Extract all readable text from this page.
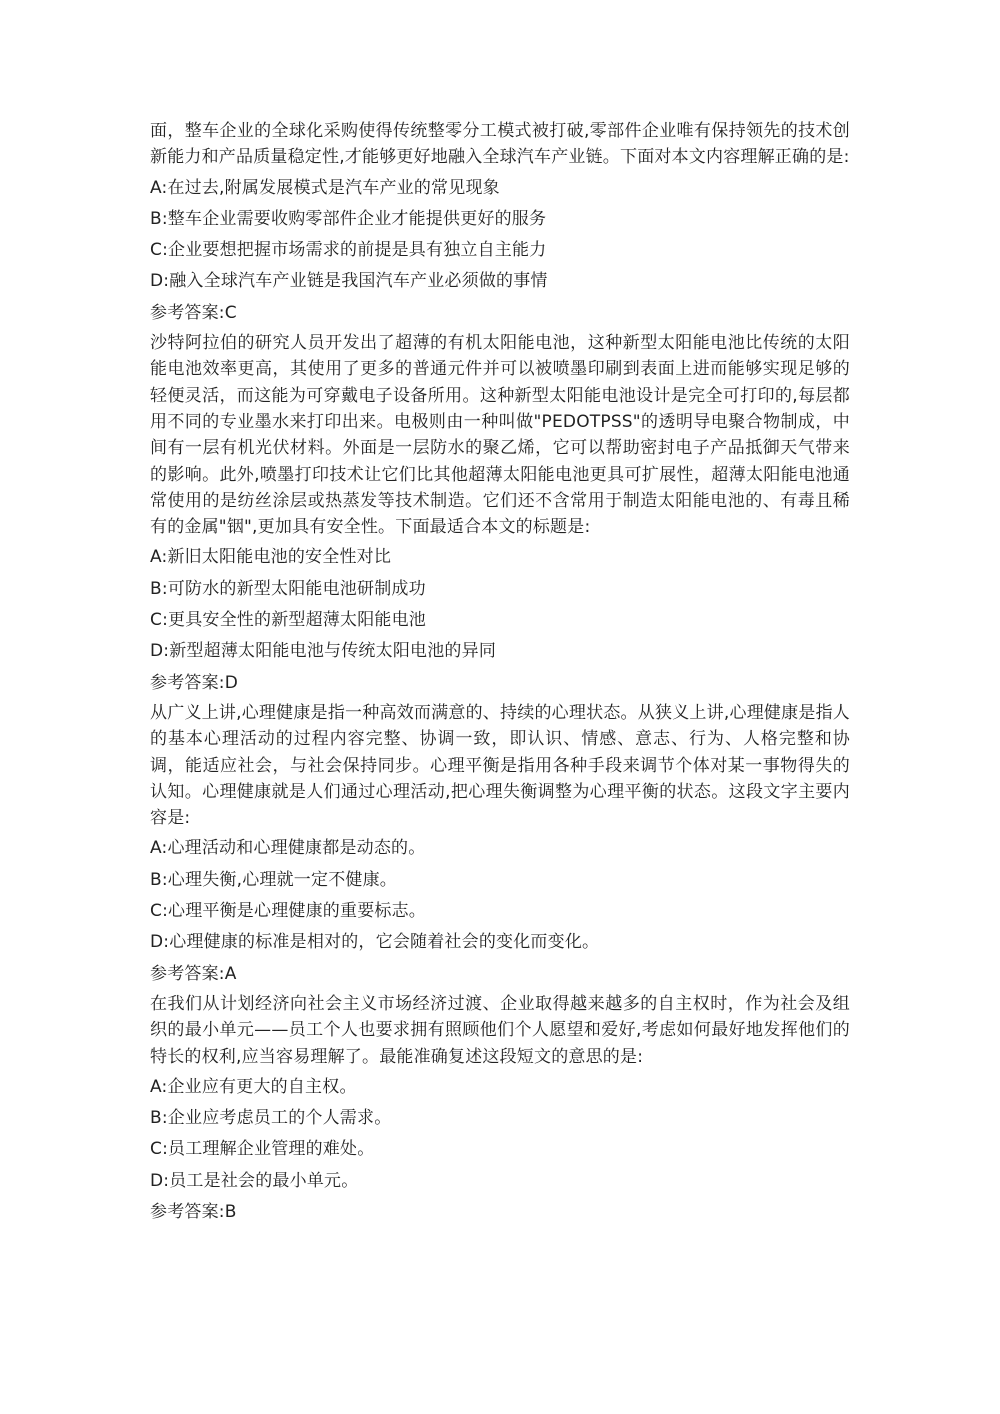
面，整车企业的全球化采购使得传统整零分工模式被打破,零部件企业唯有保持领先的技术创新能力和产品质量稳定性,才能够更好地融入全球汽车产业链。下面对本文内容理解正确的是:

A:在过去,附属发展模式是汽车产业的常见现象

B:整车企业需要收购零部件企业才能提供更好的服务

C:企业要想把握市场需求的前提是具有独立自主能力

D:融入全球汽车产业链是我国汽车产业必须做的事情

参考答案:C

沙特阿拉伯的研究人员开发出了超薄的有机太阳能电池，这种新型太阳能电池比传统的太阳能电池效率更高，其使用了更多的普通元件并可以被喷墨印刷到表面上进而能够实现足够的轻便灵活，而这能为可穿戴电子设备所用。这种新型太阳能电池设计是完全可打印的,每层都用不同的专业墨水来打印出来。电极则由一种叫做"PEDOTPSS"的透明导电聚合物制成，中间有一层有机光伏材料。外面是一层防水的聚乙烯，它可以帮助密封电子产品抵御天气带来的影响。此外,喷墨打印技术让它们比其他超薄太阳能电池更具可扩展性，超薄太阳能电池通常使用的是纺丝涂层或热蒸发等技术制造。它们还不含常用于制造太阳能电池的、有毒且稀有的金属"铟",更加具有安全性。下面最适合本文的标题是:

A:新旧太阳能电池的安全性对比

B:可防水的新型太阳能电池研制成功

C:更具安全性的新型超薄太阳能电池

D:新型超薄太阳能电池与传统太阳电池的异同

参考答案:D

从广义上讲,心理健康是指一种高效而满意的、持续的心理状态。从狭义上讲,心理健康是指人的基本心理活动的过程内容完整、协调一致，即认识、情感、意志、行为、人格完整和协调，能适应社会，与社会保持同步。心理平衡是指用各种手段来调节个体对某一事物得失的认知。心理健康就是人们通过心理活动,把心理失衡调整为心理平衡的状态。这段文字主要内容是:

A:心理活动和心理健康都是动态的。

B:心理失衡,心理就一定不健康。

C:心理平衡是心理健康的重要标志。

D:心理健康的标准是相对的，它会随着社会的变化而变化。

参考答案:A

在我们从计划经济向社会主义市场经济过渡、企业取得越来越多的自主权时，作为社会及组织的最小单元——员工个人也要求拥有照顾他们个人愿望和爱好,考虑如何最好地发挥他们的特长的权利,应当容易理解了。最能准确复述这段短文的意思的是:

A:企业应有更大的自主权。

B:企业应考虑员工的个人需求。

C:员工理解企业管理的难处。

D:员工是社会的最小单元。

参考答案:B
